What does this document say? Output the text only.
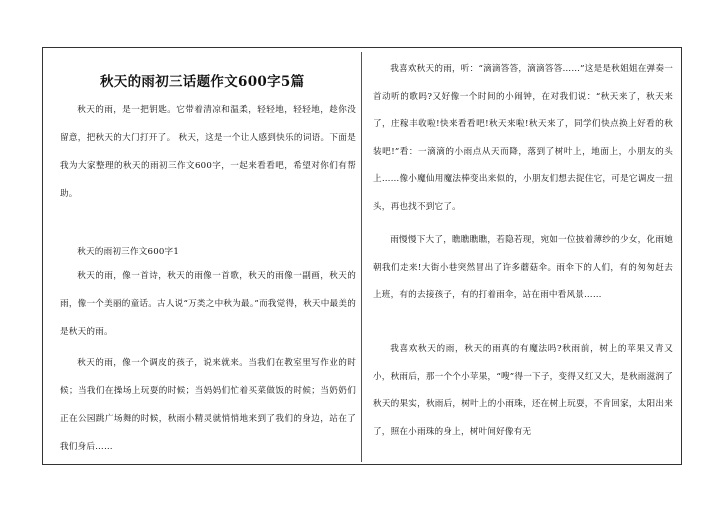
秋天的雨初三话题作文600字5篇

秋天的雨，是一把钥匙。它带着清凉和温柔，轻轻地，轻轻地，趁你没留意，把秋天的大门打开了。 秋天，这是一个让人感到快乐的词语。下面是我为大家整理的秋天的雨初三作文600字，一起来看看吧，希望对你们有帮助。

秋天的雨初三作文600字1

秋天的雨，像一首诗，秋天的雨像一首歌，秋天的雨像一副画，秋天的雨，像一个美丽的童话。古人说“万类之中秋为最。”而我觉得，秋天中最美的是秋天的雨。

秋天的雨，像一个调皮的孩子，说来就来。当我们在教室里写作业的时候；当我们在操场上玩耍的时候；当妈妈们忙着买菜做饭的时候；当奶奶们正在公园跳广场舞的时候，秋雨小精灵就悄悄地来到了我们的身边，站在了我们身后……

我喜欢秋天的雨，听：“滴滴答答，滴滴答答……”这是是秋姐姐在弹奏一首动听的歌吗?又好像一个时间的小闹钟，在对我们说：“秋天来了，秋天来了，庄稼丰收啦!快来看看吧!秋天来啦!秋天来了，同学们快点换上好看的秋装吧!”看：一滴滴的小雨点从天而降，落到了树叶上，地面上，小朋友的头上……像小魔仙用魔法棒变出来似的，小朋友们想去捉住它，可是它调皮一扭头，再也找不到它了。

雨慢慢下大了，瞧瞧瞧瞧，若隐若现，宛如一位披着薄纱的少女，化雨她朝我们走来!大街小巷突然冒出了许多蘑菇伞。雨伞下的人们，有的匆匆赶去上班，有的去接孩子，有的打着雨伞，站在雨中看风景……

我喜欢秋天的雨，秋天的雨真的有魔法吗?秋雨前，树上的苹果又青又小，秋雨后，那一个个小苹果，“嗖”得一下子，变得又红又大，是秋雨滋润了秋天的果实，秋雨后，树叶上的小雨珠，还在树上玩耍，不肯回家，太阳出来了，照在小雨珠的身上，树叶间好像有无
